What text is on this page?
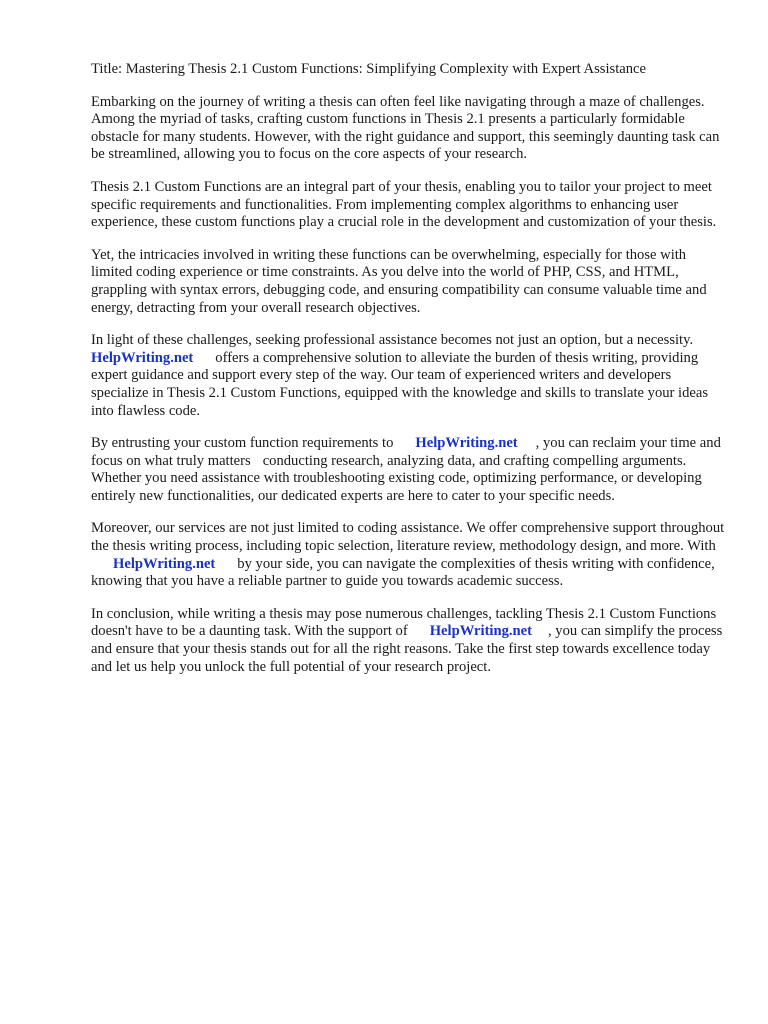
Title: Mastering Thesis 2.1 Custom Functions: Simplifying Complexity with Expert Assistance

Embarking on the journey of writing a thesis can often feel like navigating through a maze of challenges. Among the myriad of tasks, crafting custom functions in Thesis 2.1 presents a particularly formidable obstacle for many students. However, with the right guidance and support, this seemingly daunting task can be streamlined, allowing you to focus on the core aspects of your research.

Thesis 2.1 Custom Functions are an integral part of your thesis, enabling you to tailor your project to meet specific requirements and functionalities. From implementing complex algorithms to enhancing user experience, these custom functions play a crucial role in the development and customization of your thesis.

Yet, the intricacies involved in writing these functions can be overwhelming, especially for those with limited coding experience or time constraints. As you delve into the world of PHP, CSS, and HTML, grappling with syntax errors, debugging code, and ensuring compatibility can consume valuable time and energy, detracting from your overall research objectives.

In light of these challenges, seeking professional assistance becomes not just an option, but a necessity.HelpWriting.net offers a comprehensive solution to alleviate the burden of thesis writing, providing expert guidance and support every step of the way. Our team of experienced writers and developers specialize in Thesis 2.1 Custom Functions, equipped with the knowledge and skills to translate your ideas into flawless code.

By entrusting your custom function requirements to HelpWriting.net , you can reclaim your time and focus on what truly matters conducting research, analyzing data, and crafting compelling arguments. Whether you need assistance with troubleshooting existing code, optimizing performance, or developing entirely new functionalities, our dedicated experts are here to cater to your specific needs.

Moreover, our services are not just limited to coding assistance. We offer comprehensive support throughout the thesis writing process, including topic selection, literature review, methodology design, and more. WithHelpWriting.net by your side, you can navigate the complexities of thesis writing with confidence, knowing that you have a reliable partner to guide you towards academic success.

In conclusion, while writing a thesis may pose numerous challenges, tackling Thesis 2.1 Custom Functions doesn't have to be a daunting task. With the support of HelpWriting.net , you can simplify the process and ensure that your thesis stands out for all the right reasons. Take the first step towards excellence today and let us help you unlock the full potential of your research project.
